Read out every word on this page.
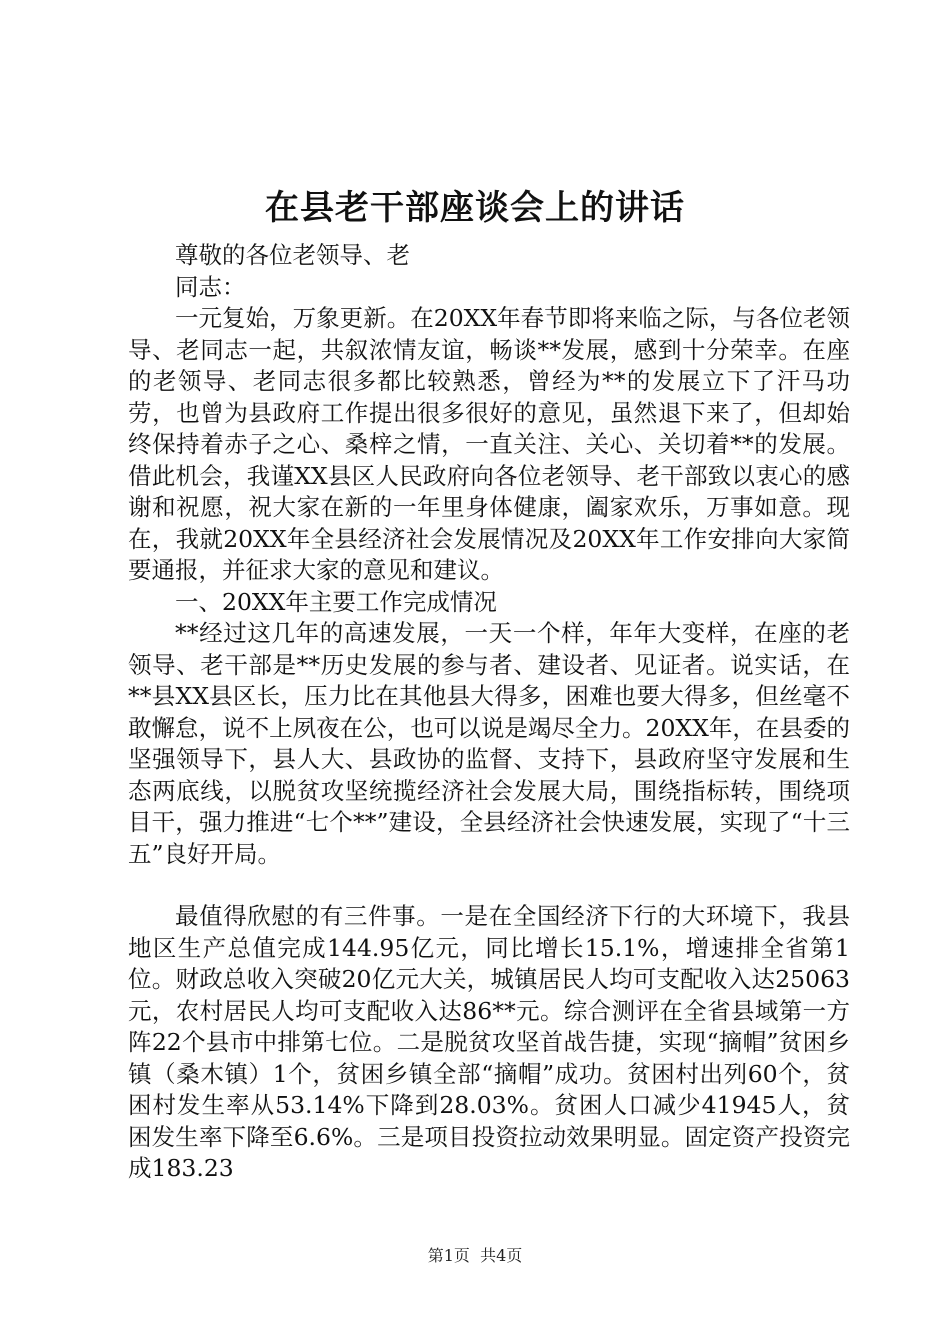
在县老干部座谈会上的讲话

尊敬的各位老领导、老

同志：

一元复始，万象更新。在20XX年春节即将来临之际，与各位老领导、老同志一起，共叙浓情友谊，畅谈**发展，感到十分荣幸。在座的老领导、老同志很多都比较熟悉，曾经为**的发展立下了汗马功劳，也曾为县政府工作提出很多很好的意见，虽然退下来了，但却始终保持着赤子之心、桑梓之情，一直关注、关心、关切着**的发展。借此机会，我谨XX县区人民政府向各位老领导、老干部致以衷心的感谢和祝愿，祝大家在新的一年里身体健康，阖家欢乐，万事如意。现在，我就20XX年全县经济社会发展情况及20XX年工作安排向大家简要通报，并征求大家的意见和建议。

一、20XX年主要工作完成情况

**经过这几年的高速发展，一天一个样，年年大变样，在座的老领导、老干部是**历史发展的参与者、建设者、见证者。说实话，在**县XX县区长，压力比在其他县大得多，困难也要大得多，但丝毫不敢懈怠，说不上夙夜在公，也可以说是竭尽全力。20XX年，在县委的坚强领导下，县人大、县政协的监督、支持下，县政府坚守发展和生态两底线，以脱贫攻坚统揽经济社会发展大局，围绕指标转，围绕项目干，强力推进“七个**”建设，全县经济社会快速发展，实现了“十三五”良好开局。

最值得欣慰的有三件事。一是在全国经济下行的大环境下，我县地区生产总值完成144.95亿元，同比增长15.1%，增速排全省第1位。财政总收入突破20亿元大关，城镇居民人均可支配收入达25063元，农村居民人均可支配收入达86**元。综合测评在全省县域第一方阵22个县市中排第七位。二是脱贫攻坚首战告捷，实现“摘帽”贫困乡镇（桑木镇）1个，贫困乡镇全部“摘帽”成功。贫困村出列60个，贫困村发生率从53.14%下降到28.03%。贫困人口减少41945人，贫困发生率下降至6.6%。三是项目投资拉动效果明显。固定资产投资完成183.23

第1页  共4页
